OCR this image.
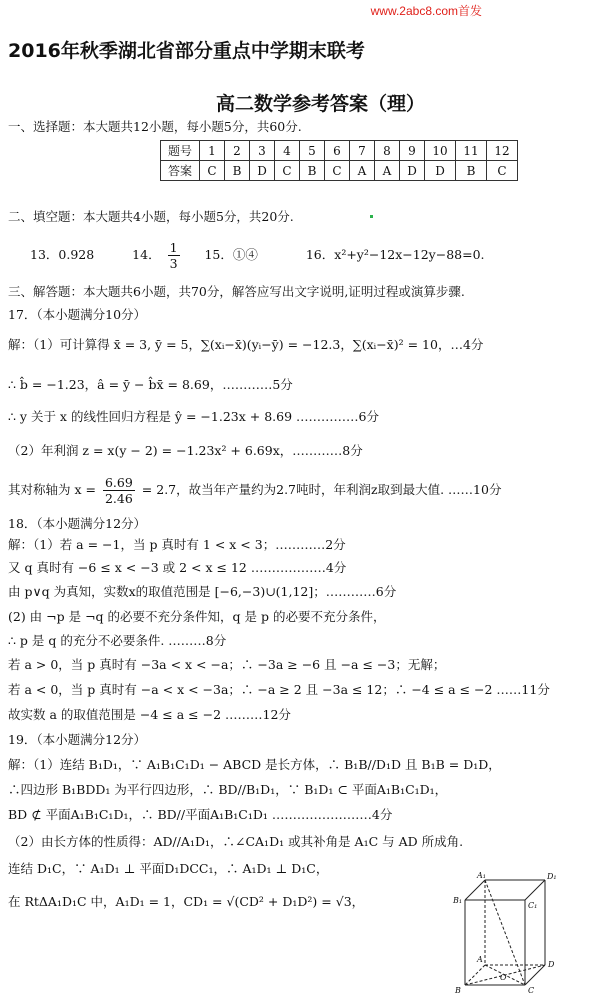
www.2abc8.com首发
2016年秋季湖北省部分重点中学期末联考
高二数学参考答案（理）
一、选择题：本大题共12小题，每小题5分，共60分.
题号	1	2	3	4	5	6	7	8	9	10	11	12
答案	C	B	D	C	B	C	A	A	D	D	B	C
二、填空题：本大题共4小题，每小题5分，共20分.
13．0.928	14． $\frac{1}{3} 15$．①④	16．x²+y²−12x−12y−88=0.
三、解答题：本大题共6小题，共70分，解答应写出文字说明,证明过程或演算步骤.
17．（本小题满分10分）
解：（1）可计算得 x̄ = 3, ȳ = 5，∑(xᵢ−x̄)(yᵢ−ȳ) = −12.3，∑(xᵢ−x̄)² = 10，…4分
∴ b̂ = −1.23，â = ȳ − b̂x̄ = 8.69，…………5分
∴ y 关于 x 的线性回归方程是 ŷ = −1.23x + 8.69 ……………6分
（2）年利润 z = x(y − 2) = −1.23x² + 6.69x，…………8分
其对称轴为 $x = \frac{6.69}{2.46} = 2.7$，故当年产量约为2.7吨时，年利润z取到最大值. ……10分
18．（本小题满分12分）
解：（1）若 a = −1，当 p 真时有 1 < x < 3；…………2分
又 q 真时有 −6 ≤ x < −3 或 2 < x ≤ 12 ………………4分
由 p∨q 为真知，实数x的取值范围是 [−6,−3)∪(1,12]；…………6分
(2) 由 ¬p 是 ¬q 的必要不充分条件知，q 是 p 的必要不充分条件，
∴ p 是 q 的充分不必要条件. ………8分
若 a > 0，当 p 真时有 −3a < x < −a；∴ −3a ≥ −6 且 −a ≤ −3；无解；
若 a < 0，当 p 真时有 −a < x < −3a；∴ −a ≥ 2 且 −3a ≤ 12；∴ −4 ≤ a ≤ −2 ……11分
故实数 a 的取值范围是 −4 ≤ a ≤ −2 ………12分
19．（本小题满分12分）
解：（1）连结 B₁D₁，∵ A₁B₁C₁D₁ − ABCD 是长方体，∴ B₁B//D₁D 且 B₁B = D₁D，
∴四边形 B₁BDD₁ 为平行四边形，∴ BD//B₁D₁，∵ B₁D₁ ⊂ 平面A₁B₁C₁D₁，
BD ⊄ 平面A₁B₁C₁D₁，∴ BD//平面A₁B₁C₁D₁ ……………………4分
（2）由长方体的性质得：AD//A₁D₁，∴∠CA₁D₁ 或其补角是 A₁C 与 AD 所成角.
连结 D₁C，∵ A₁D₁ ⊥ 平面D₁DCC₁，∴ A₁D₁ ⊥ D₁C，
在 RtΔA₁D₁C 中，A₁D₁ = 1，CD₁ = √(CD² + D₁D²) = √3，
A₁	D₁
B₁
C₁
A
D
B	C
O
